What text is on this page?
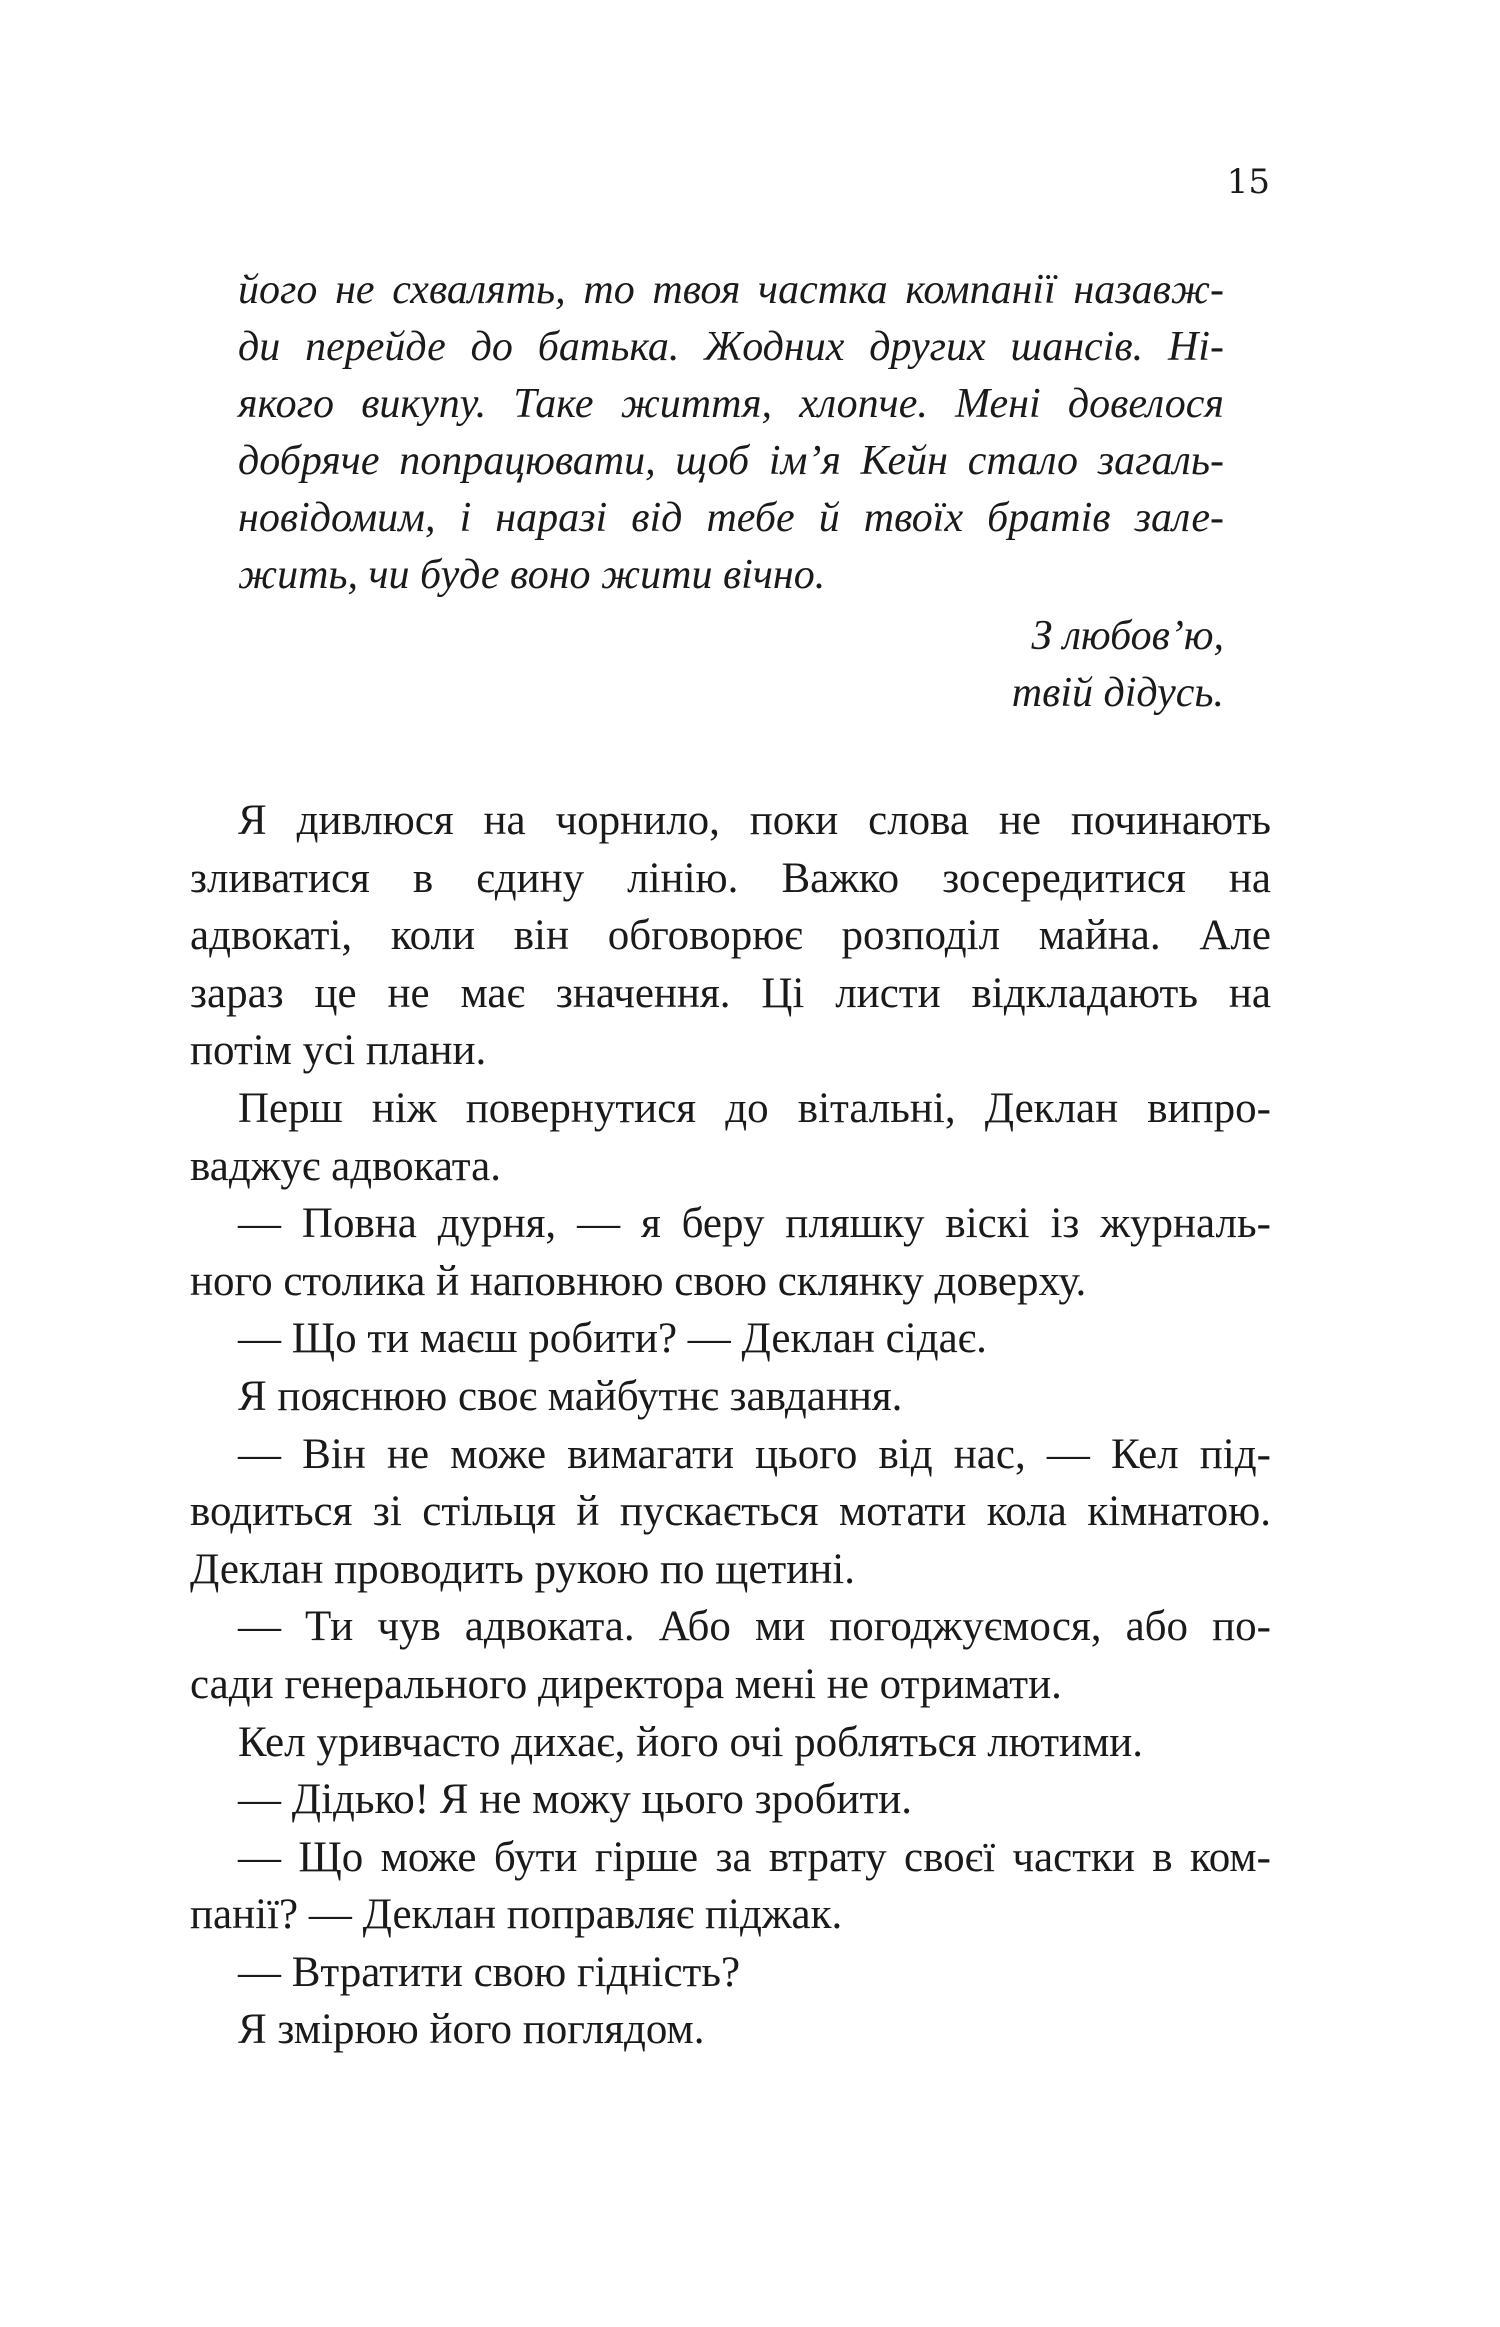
15
його не схвалять, то твоя частка компанії назавж-
ди перейде до батька. Жодних других шансів. Ні-
якого викупу. Таке життя, хлопче. Мені довелося
добряче попрацювати, щоб ім’я Кейн стало загаль-
новідомим, і наразі від тебе й твоїх братів зале-
жить, чи буде воно жити вічно.
З любов’ю,
твій дідусь.
Я дивлюся на чорнило, поки слова не починають
зливатися в єдину лінію. Важко зосередитися на
адвокаті, коли він обговорює розподіл майна. Але
зараз це не має значення. Ці листи відкладають на
потім усі плани.
Перш ніж повернутися до вітальні, Деклан випро-
ваджує адвоката.
— Повна дурня, — я беру пляшку віскі із журналь-
ного столика й наповнюю свою склянку доверху.
— Що ти маєш робити? — Деклан сідає.
Я пояснюю своє майбутнє завдання.
— Він не може вимагати цього від нас, — Кел під-
водиться зі стільця й пускається мотати кола кімнатою.
Деклан проводить рукою по щетині.
— Ти чув адвоката. Або ми погоджуємося, або по-
сади генерального директора мені не отримати.
Кел уривчасто дихає, його очі робляться лютими.
— Дідько! Я не можу цього зробити.
— Що може бути гірше за втрату своєї частки в ком-
панії? — Деклан поправляє піджак.
— Втратити свою гідність?
Я змірюю його поглядом.
